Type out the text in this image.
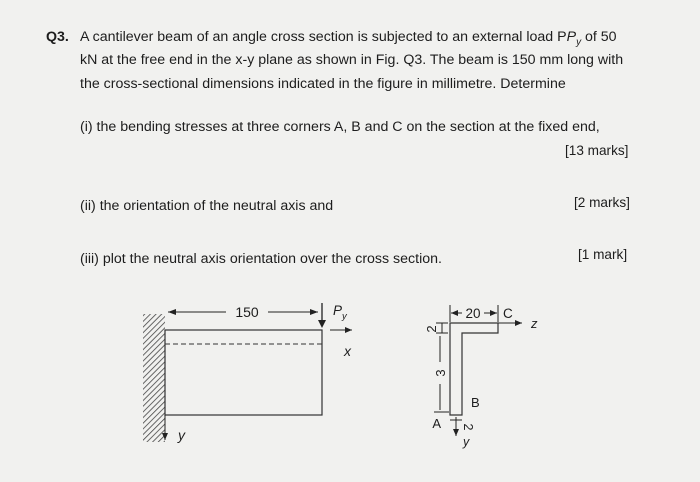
Q3. A cantilever beam of an angle cross section is subjected to an external load $PP_y$ of 50
kN at the free end in the x-y plane as shown in Fig. Q3. The beam is 150 mm long with
the cross-sectional dimensions indicated in the figure in millimetre. Determine
(i) the bending stresses at three corners A, B and C on the section at the fixed end,
[13 marks]
(ii) the orientation of the neutral axis and	[2 marks]
(iii) plot the neutral axis orientation over the cross section.	[1 mark]
150	$P_y$
x
y
20 C
z
2
3
B
A 2
y
